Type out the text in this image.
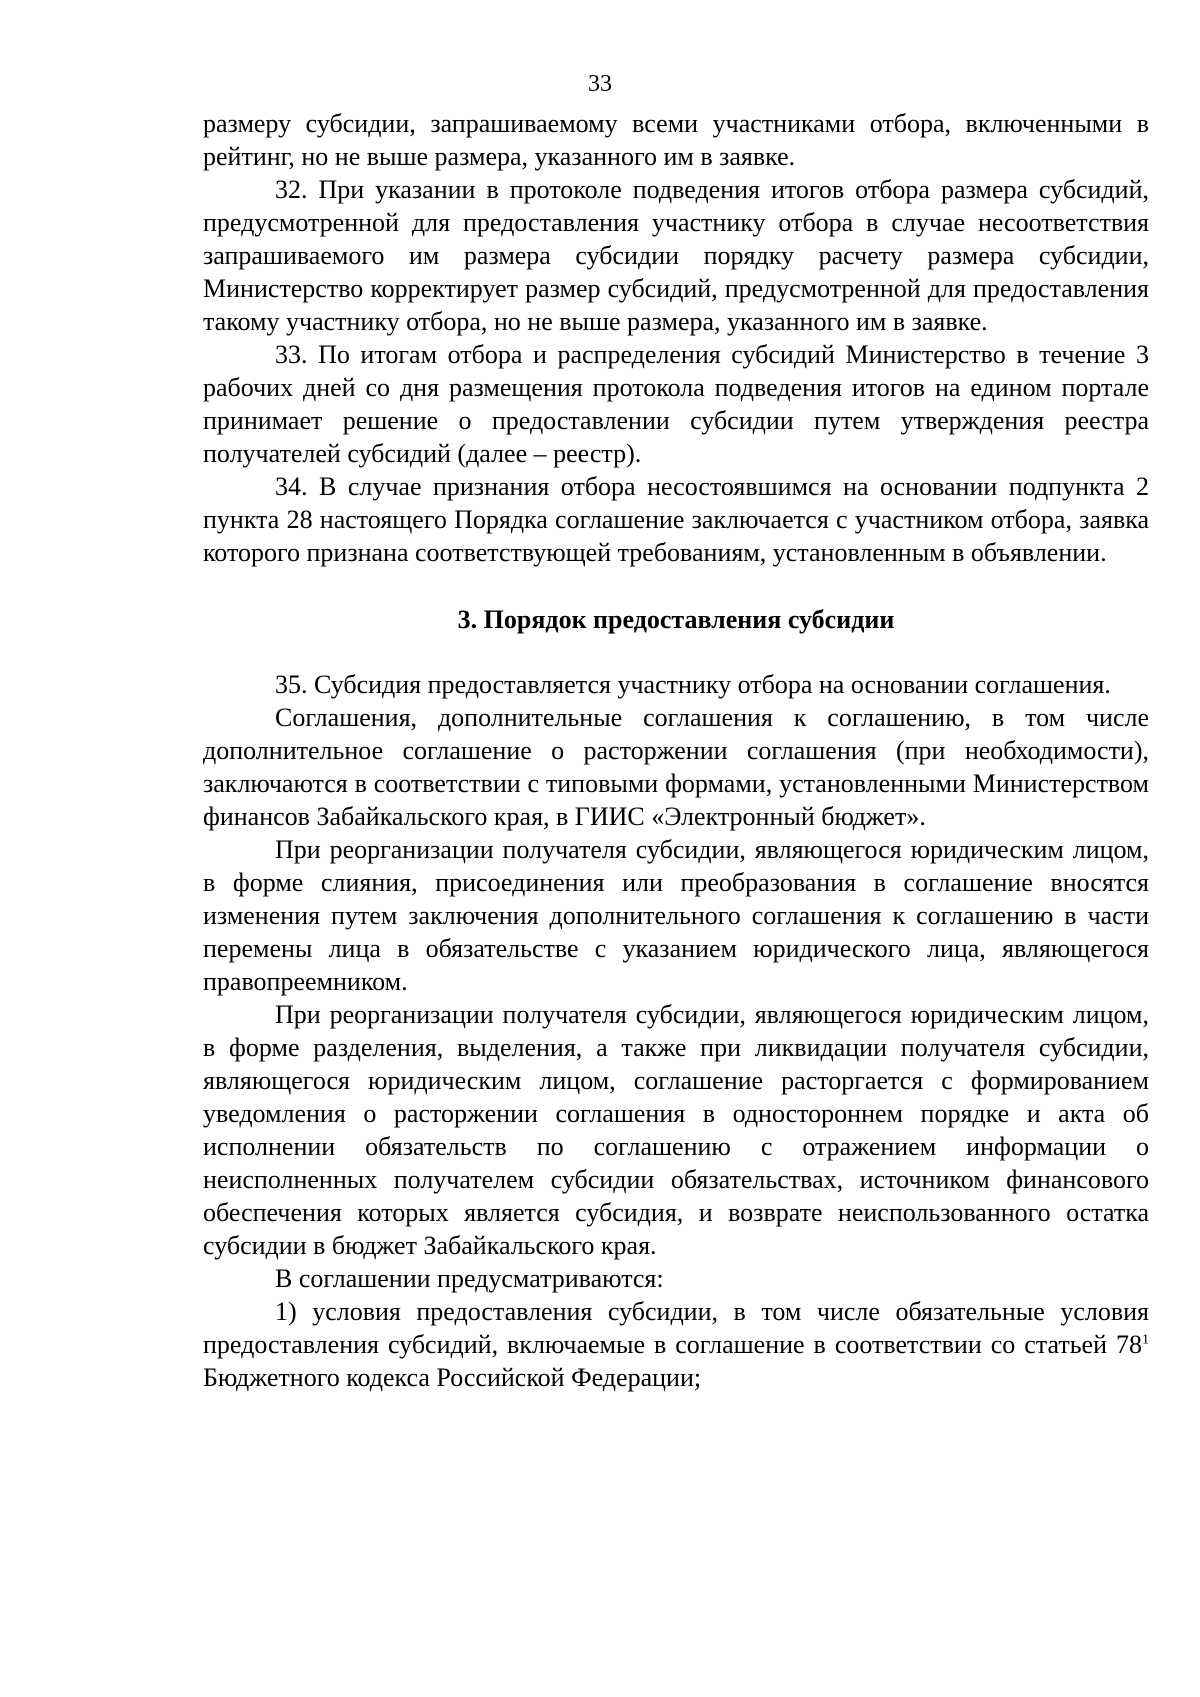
33

размеру субсидии, запрашиваемому всеми участниками отбора, включенными в рейтинг, но не выше размера, указанного им в заявке.

32. При указании в протоколе подведения итогов отбора размера субсидий, предусмотренной для предоставления участнику отбора в случае несоответствия запрашиваемого им размера субсидии порядку расчету размера субсидии, Министерство корректирует размер субсидий, предусмотренной для предоставления такому участнику отбора, но не выше размера, указанного им в заявке.

33. По итогам отбора и распределения субсидий Министерство в течение 3 рабочих дней со дня размещения протокола подведения итогов на едином портале принимает решение о предоставлении субсидии путем утверждения реестра получателей субсидий (далее – реестр).

34. В случае признания отбора несостоявшимся на основании подпункта 2 пункта 28 настоящего Порядка соглашение заключается с участником отбора, заявка которого признана соответствующей требованиям, установленным в объявлении.

3. Порядок предоставления субсидии

35. Субсидия предоставляется участнику отбора на основании соглашения.

Соглашения, дополнительные соглашения к соглашению, в том числе дополнительное соглашение о расторжении соглашения (при необходимости), заключаются в соответствии с типовыми формами, установленными Министерством финансов Забайкальского края, в ГИИС «Электронный бюджет».

При реорганизации получателя субсидии, являющегося юридическим лицом, в форме слияния, присоединения или преобразования в соглашение вносятся изменения путем заключения дополнительного соглашения к соглашению в части перемены лица в обязательстве с указанием юридического лица, являющегося правопреемником.

При реорганизации получателя субсидии, являющегося юридическим лицом, в форме разделения, выделения, а также при ликвидации получателя субсидии, являющегося юридическим лицом, соглашение расторгается с формированием уведомления о расторжении соглашения в одностороннем порядке и акта об исполнении обязательств по соглашению с отражением информации о неисполненных получателем субсидии обязательствах, источником финансового обеспечения которых является субсидия, и возврате неиспользованного остатка субсидии в бюджет Забайкальского края.

В соглашении предусматриваются:

1) условия предоставления субсидии, в том числе обязательные условия предоставления субсидий, включаемые в соглашение в соответствии со статьей $78^1$ Бюджетного кодекса Российской Федерации;
